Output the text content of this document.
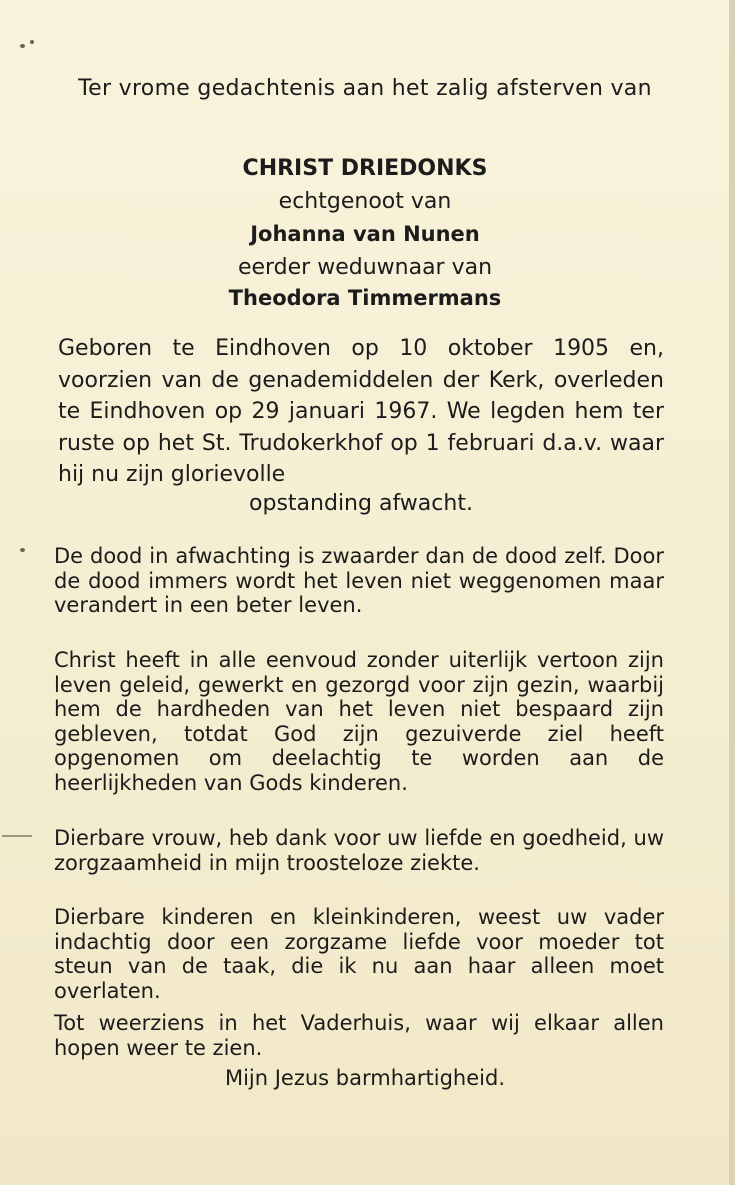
Ter vrome gedachtenis aan het zalig afsterven van

CHRIST DRIEDONKS

echtgenoot van

Johanna van Nunen

eerder weduwnaar van

Theodora Timmermans

Geboren te Eindhoven op 10 oktober 1905 en, voorzien van de genademiddelen der Kerk, overleden te Eindhoven op 29 januari 1967. We legden hem ter ruste op het St. Trudokerkhof op 1 februari d.a.v. waar hij nu zijn glorievolle

opstanding afwacht.

De dood in afwachting is zwaarder dan de dood zelf. Door de dood immers wordt het leven niet weggenomen maar verandert in een beter leven.

Christ heeft in alle eenvoud zonder uiterlijk vertoon zijn leven geleid, gewerkt en gezorgd voor zijn gezin, waarbij hem de hardheden van het leven niet bespaard zijn gebleven, totdat God zijn gezuiverde ziel heeft opgenomen om deelachtig te worden aan de heerlijkheden van Gods kinderen.

Dierbare vrouw, heb dank voor uw liefde en goedheid, uw zorgzaamheid in mijn troosteloze ziekte.

Dierbare kinderen en kleinkinderen, weest uw vader indachtig door een zorgzame liefde voor moeder tot steun van de taak, die ik nu aan haar alleen moet overlaten.

Tot weerziens in het Vaderhuis, waar wij elkaar allen hopen weer te zien.

Mijn Jezus barmhartigheid.
